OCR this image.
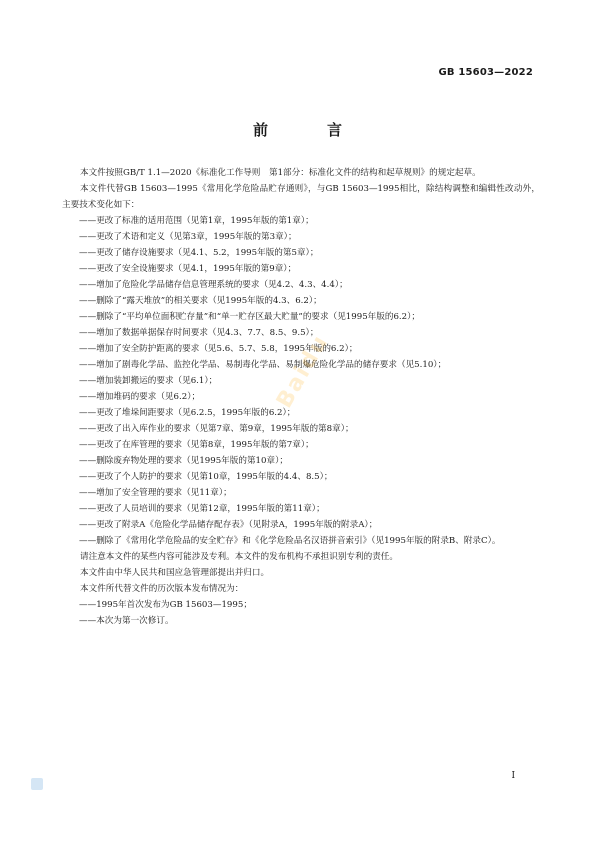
GB 15603—2022
前　言
本文件按照GB/T 1.1—2020《标准化工作导则　第1部分：标准化文件的结构和起草规则》的规定起草。
本文件代替GB 15603—1995《常用化学危险品贮存通则》，与GB 15603—1995相比，除结构调整和编辑性改动外，主要技术变化如下：
——更改了标准的适用范围（见第1章，1995年版的第1章）；
——更改了术语和定义（见第3章，1995年版的第3章）；
——更改了储存设施要求（见4.1、5.2，1995年版的第5章）；
——更改了安全设施要求（见4.1，1995年版的第9章）；
——增加了危险化学品储存信息管理系统的要求（见4.2、4.3、4.4）；
——删除了“露天堆放”的相关要求（见1995年版的4.3、6.2）；
——删除了“平均单位面积贮存量”和“单一贮存区最大贮量”的要求（见1995年版的6.2）；
——增加了数据单据保存时间要求（见4.3、7.7、8.5、9.5）；
——增加了安全防护距离的要求（见5.6、5.7、5.8，1995年版的6.2）；
——增加了剧毒化学品、监控化学品、易制毒化学品、易制爆危险化学品的储存要求（见5.10）；
——增加装卸搬运的要求（见6.1）；
——增加堆码的要求（见6.2）；
——更改了堆垛间距要求（见6.2.5，1995年版的6.2）；
——更改了出入库作业的要求（见第7章、第9章，1995年版的第8章）；
——更改了在库管理的要求（见第8章，1995年版的第7章）；
——删除废弃物处理的要求（见1995年版的第10章）；
——更改了个人防护的要求（见第10章，1995年版的4.4、8.5）；
——增加了安全管理的要求（见11章）；
——更改了人员培训的要求（见第12章，1995年版的第11章）；
——更改了附录A《危险化学品储存配存表》（见附录A，1995年版的附录A）；
——删除了《常用化学危险品的安全贮存》和《化学危险品名汉语拼音索引》（见1995年版的附录B、附录C）。
请注意本文件的某些内容可能涉及专利。本文件的发布机构不承担识别专利的责任。
本文件由中华人民共和国应急管理部提出并归口。
本文件所代替文件的历次版本发布情况为：
——1995年首次发布为GB 15603—1995；
——本次为第一次修订。
Baidu
I
